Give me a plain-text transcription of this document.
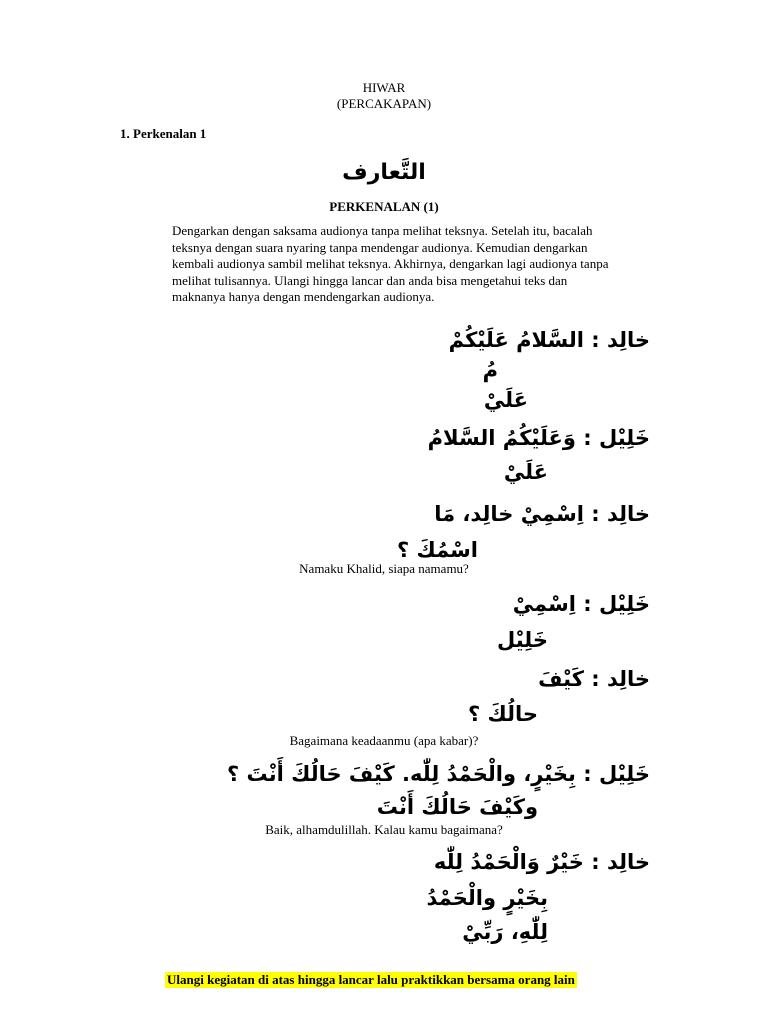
HIWAR
(PERCAKAPAN)
1. Perkenalan 1
التَّعارف
PERKENALAN (1)
Dengarkan dengan saksama audionya tanpa melihat teksnya. Setelah itu, bacalah teksnya dengan suara nyaring tanpa mendengar audionya. Kemudian dengarkan kembali audionya sambil melihat teksnya. Akhirnya, dengarkan lagi audionya tanpa melihat tulisannya. Ulangi hingga lancar dan anda bisa mengetahui teks dan maknanya hanya dengan mendengarkan audionya.
خالِد : السَّلامُ عَلَيْكُمْ
مُ
عَلَيْ
خَلِيْل : وَعَلَيْكُمُ السَّلامُ
عَلَيْ
خالِد : اِسْمِيْ خالِد، مَا
اسْمُكَ ؟
Namaku Khalid, siapa namamu?
خَلِيْل : اِسْمِيْ
خَلِيْل
خالِد : كَيْفَ
حالُكَ ؟
Bagaimana keadaanmu (apa kabar)?
خَلِيْل : بِخَيْرٍ، والْحَمْدُ لِلّٰه. كَيْفَ حَالُكَ أَنْتَ ؟
وكَيْفَ حَالُكَ أَنْتَ
Baik, alhamdulillah. Kalau kamu bagaimana?
خالِد : خَيْرٌ وَالْحَمْدُ لِلّٰه
بِخَيْرٍ والْحَمْدُ
لِلّٰهِ، رَبِّيْ
Ulangi kegiatan di atas hingga lancar lalu praktikkan bersama orang lain
